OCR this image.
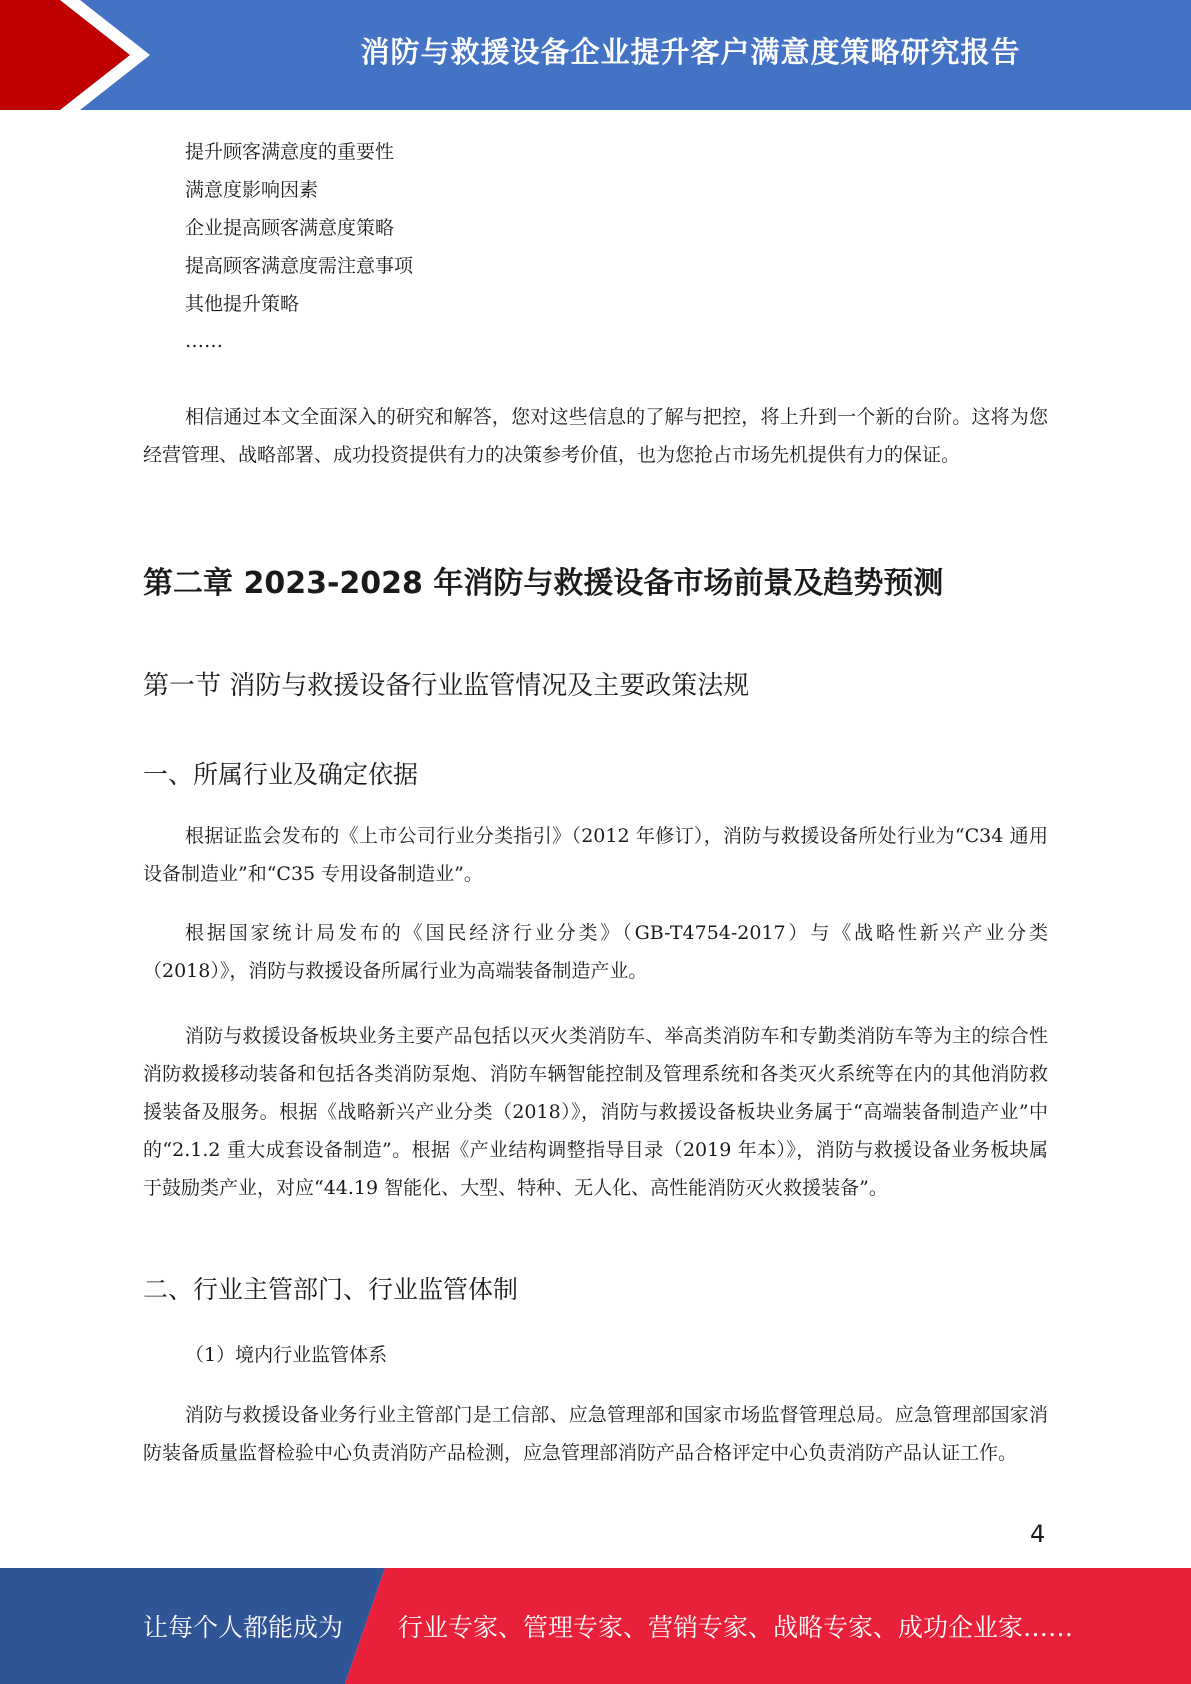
消防与救援设备企业提升客户满意度策略研究报告
提升顾客满意度的重要性
满意度影响因素
企业提高顾客满意度策略
提高顾客满意度需注意事项
其他提升策略
……
相信通过本文全面深入的研究和解答，您对这些信息的了解与把控，将上升到一个新的台阶。这将为您经营管理、战略部署、成功投资提供有力的决策参考价值，也为您抢占市场先机提供有力的保证。
第二章 2023-2028 年消防与救援设备市场前景及趋势预测
第一节 消防与救援设备行业监管情况及主要政策法规
一、所属行业及确定依据
根据证监会发布的《上市公司行业分类指引》（2012 年修订），消防与救援设备所处行业为“C34 通用设备制造业”和“C35 专用设备制造业”。
根据国家统计局发布的《国民经济行业分类》（GB-T4754-2017）与《战略性新兴产业分类（2018）》，消防与救援设备所属行业为高端装备制造产业。
消防与救援设备板块业务主要产品包括以灭火类消防车、举高类消防车和专勤类消防车等为主的综合性消防救援移动装备和包括各类消防泵炮、消防车辆智能控制及管理系统和各类灭火系统等在内的其他消防救援装备及服务。根据《战略新兴产业分类（2018）》，消防与救援设备板块业务属于“高端装备制造产业”中的“2.1.2 重大成套设备制造”。根据《产业结构调整指导目录（2019 年本）》，消防与救援设备业务板块属于鼓励类产业，对应“44.19 智能化、大型、特种、无人化、高性能消防灭火救援装备”。
二、行业主管部门、行业监管体制
（1）境内行业监管体系
消防与救援设备业务行业主管部门是工信部、应急管理部和国家市场监督管理总局。应急管理部国家消防装备质量监督检验中心负责消防产品检测，应急管理部消防产品合格评定中心负责消防产品认证工作。
4
让每个人都能成为 行业专家、管理专家、营销专家、战略专家、成功企业家……
